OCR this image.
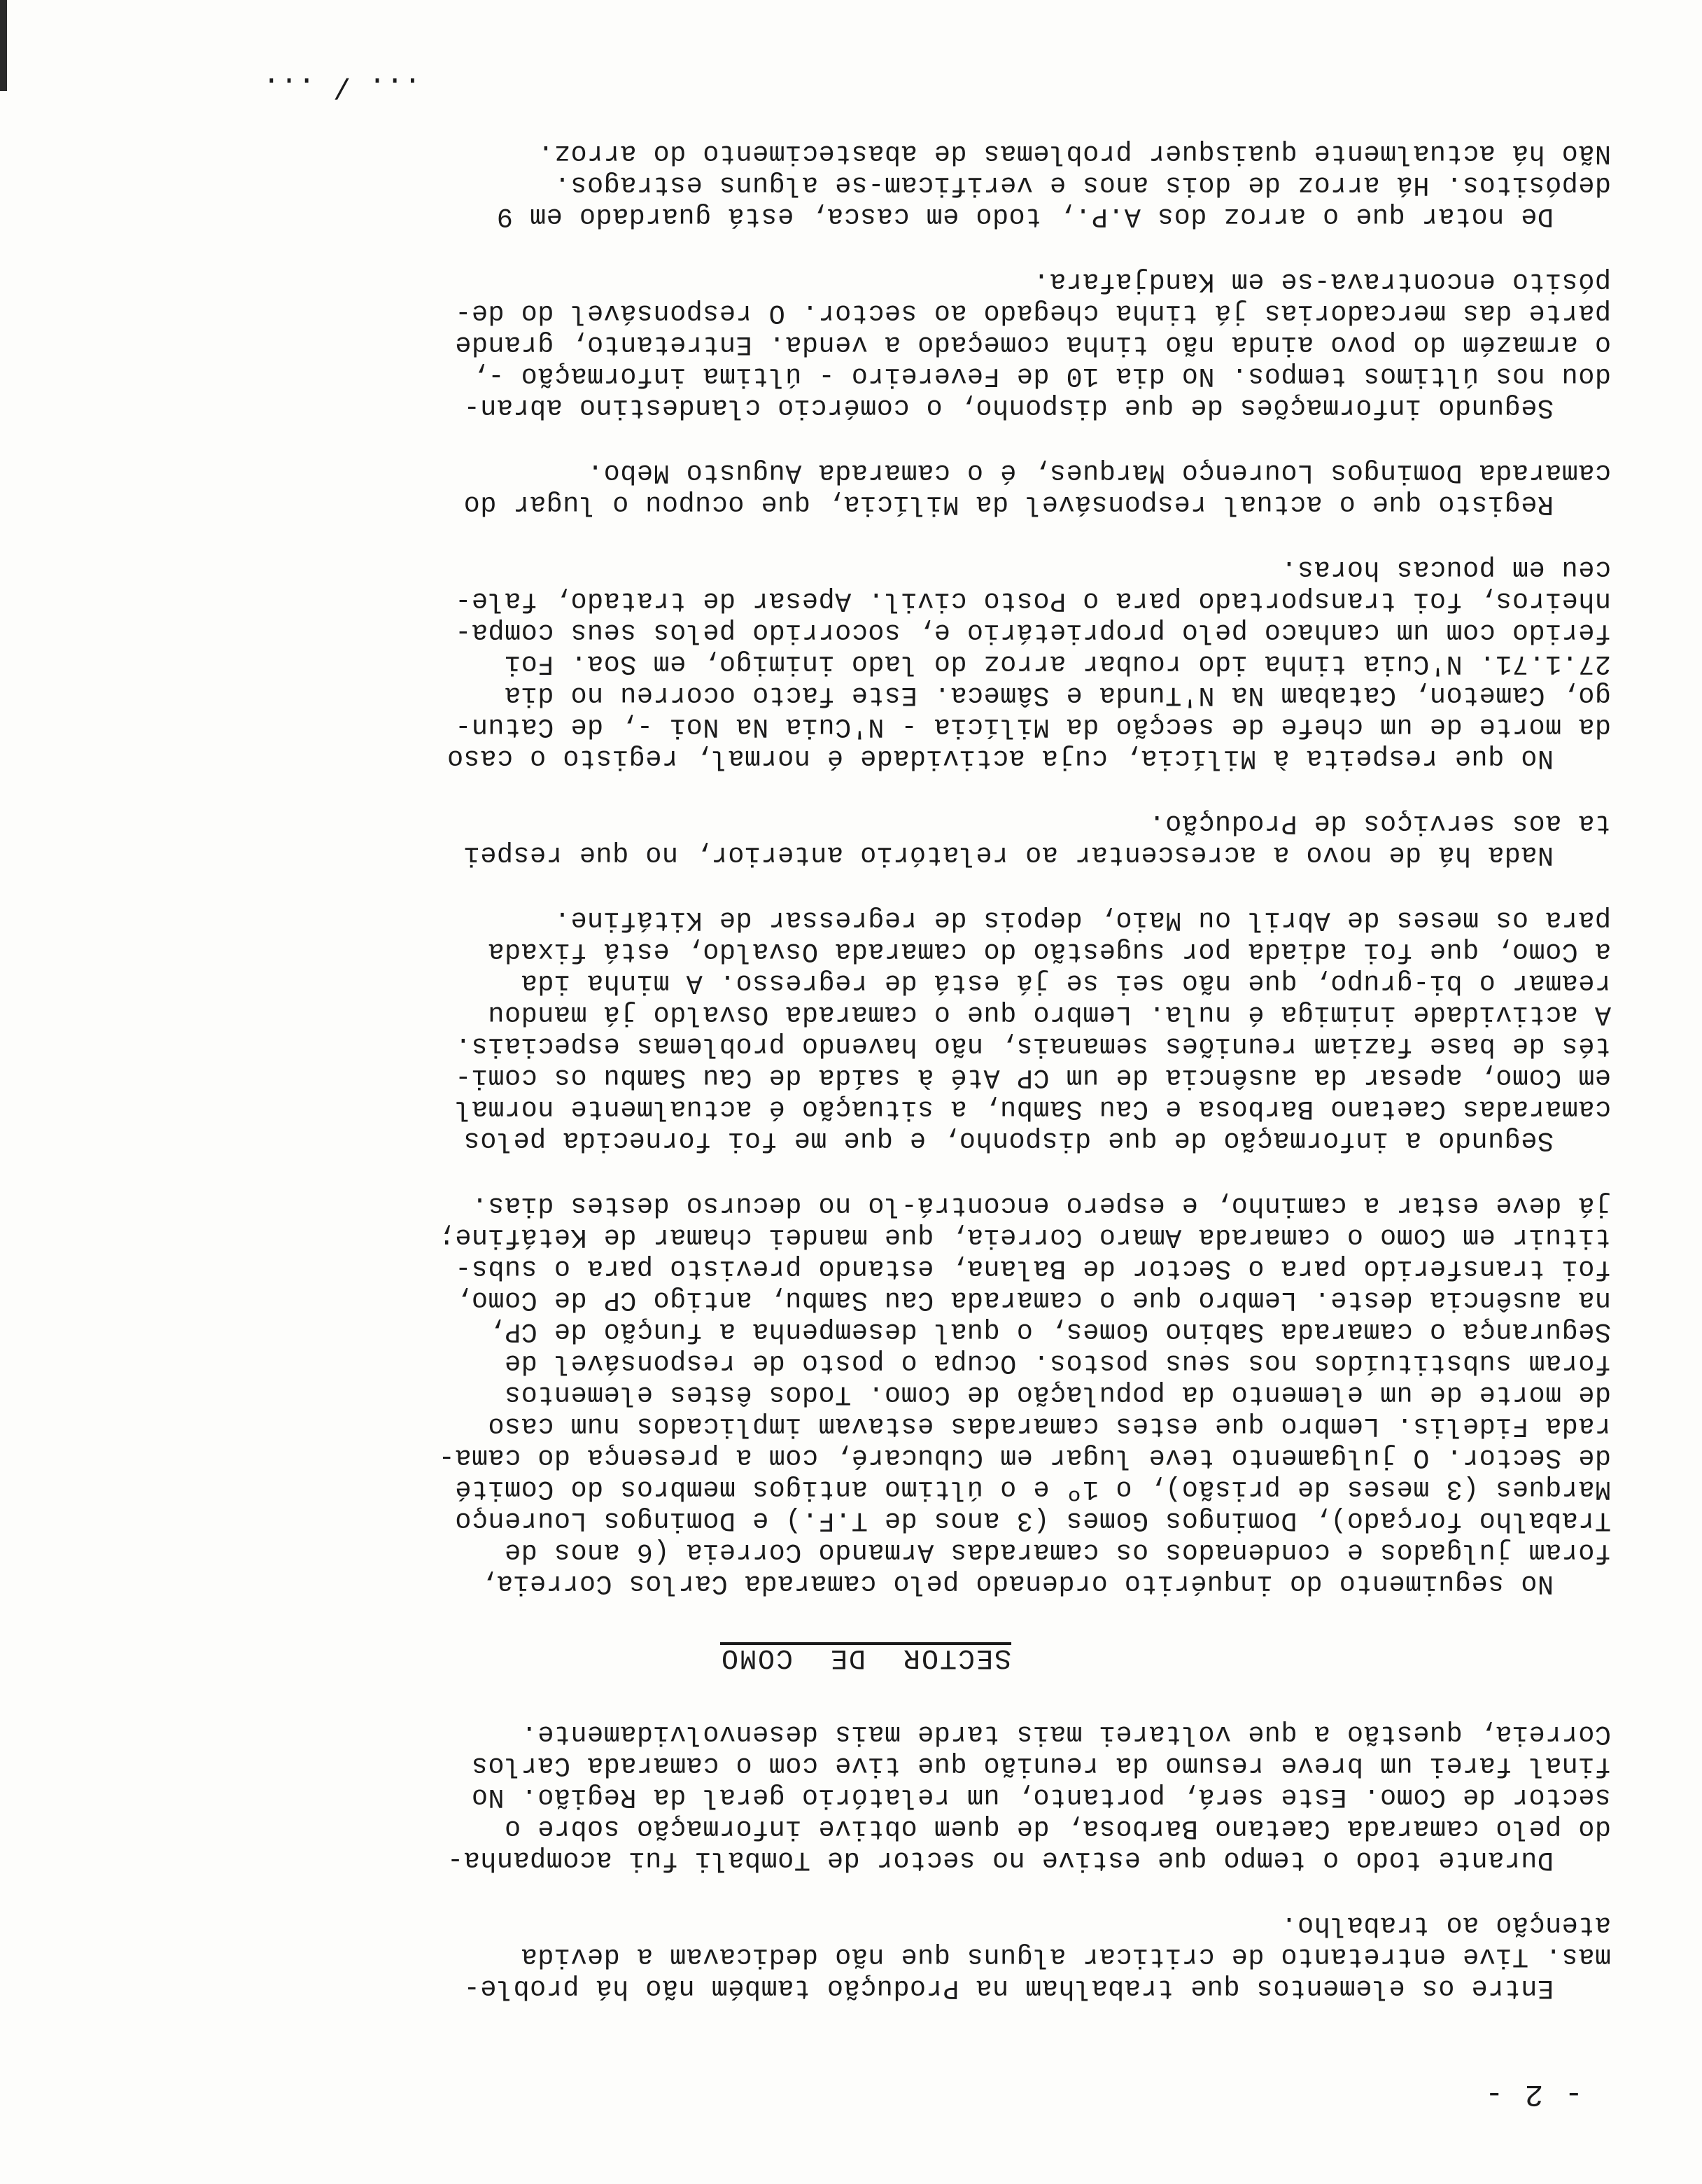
- 2 -
Entre os elementos que trabalham na Produção também não há proble-
mas. Tive entretanto de criticar alguns que não dedicavam a devida
atenção ao trabalho.
Durante todo o tempo que estive no sector de Tombali fui acompanha-
do pelo camarada Caetano Barbosa, de quem obtive informação sobre o
sector de Como. Este será, portanto, um relatório geral da Região. No
final farei um breve resumo da reunião que tive com o camarada Carlos
Correia, questão a que voltarei mais tarde mais desenvolvidamente.
SECTOR  DE  COMO
No seguimento do inquérito ordenado pelo camarada Carlos Correia,
foram julgados e condenados os camaradas Armando Correia (6 anos de
Trabalho forçado), Domingos Gomes (3 anos de T.F.) e Domingos Lourenço
Marques (3 meses de prisão), o 1º e o último antigos membros do Comité
de Sector. O julgamento teve lugar em Cubucaré, com a presença do cama-
rada Fidelis. Lembro que estes camaradas estavam implicados num caso
de morte de um elemento da população de Como. Todos êstes elementos
foram substituídos nos seus postos. Ocupa o posto de responsável de
Segurança o camarada Sabino Gomes, o qual desempenha a função de CP,
na ausência deste. Lembro que o camarada Cau Sambu, antigo CP de Como,
foi transferido para o Sector de Balana, estando previsto para o subs-
tituir em Como o camarada Amaro Correia, que mandei chamar de Ketáfine;
já deve estar a caminho, e espero encontrá-lo no decurso destes dias.
Segundo a informação de que disponho, e que me foi fornecida pelos
camaradas Caetano Barbosa e Cau Sambu, a situação é actualmente normal
em Como, apesar da ausência de um CP Até à saída de Cau Sambu os comi-
tés de base faziam reuniões semanais, não havendo problemas especiais.
A actividade inimiga é nula. Lembro que o camarada Osvaldo já mandou
reamar o bi-grupo, que não sei se já está de regresso. A minha ida
a Como, que foi adiada por sugestão do camarada Osvaldo, está fixada
para os meses de Abril ou Maio, depois de regressar de Kitáfine.
Nada há de novo a acrescentar ao relatório anterior, no que respei
ta aos serviços de Produção.
No que respeita à Milícia, cuja actividade é normal, registo o caso
da morte de um chefe de secção da Milícia - N'Cuia Na Noi -, de Catun-
go, Cameton, Catabam Na N'Tunda e Sâmeca. Este facto ocorreu no dia
27.1.71. N'Cuia tinha ido roubar arroz do lado inimigo, em Soa. Foi
ferido com um canhaco pelo proprietário e, socorrido pelos seus compa-
nheiros, foi transportado para o Posto civil. Apesar de tratado, fale-
ceu em poucas horas.
Registo que o actual responsável da Milícia, que ocupou o lugar do
camarada Domingos Lourenço Marques, é o camarada Augusto Mebo.
Segundo informações de que disponho, o comércio clandestino abran-
dou nos últimos tempos. No dia 10 de Fevereiro - última informação -,
o armazém do povo ainda não tinha começado a venda. Entretanto, grande
parte das mercadorias já tinha chegado ao sector. O responsável do de-
pósito encontrava-se em Kandjafara.
De notar que o arroz dos A.P., todo em casca, está guardado em 9
depósitos. Há arroz de dois anos e verificam-se alguns estragos.
Não há actualmente quaisquer problemas de abastecimento do arroz.
... / ...
